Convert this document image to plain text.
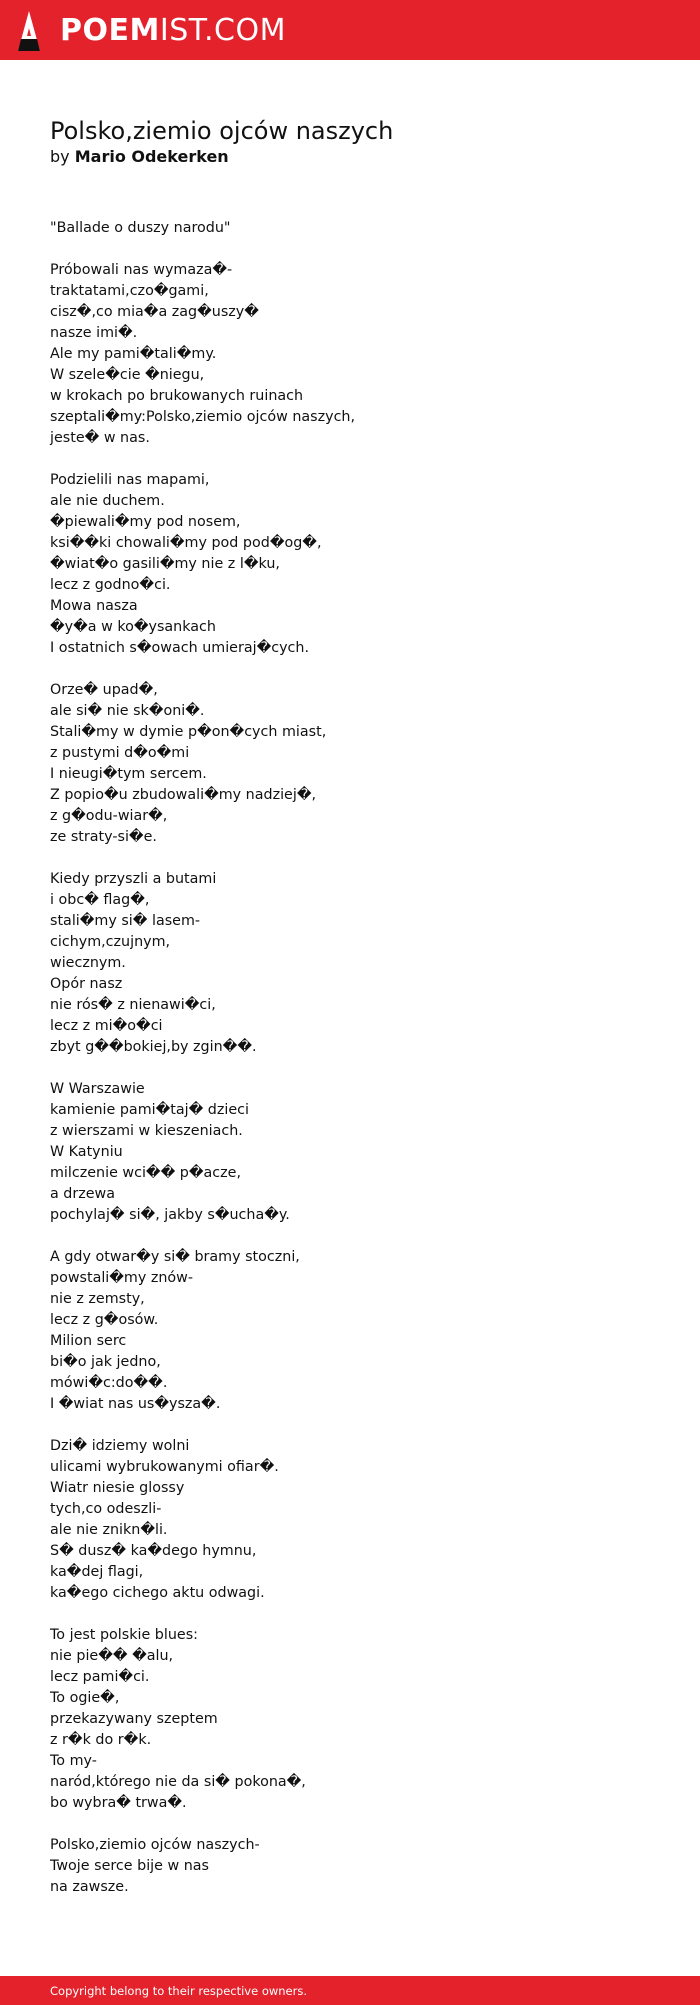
POEMIST.COM
Polsko,ziemio ojców naszych
by Mario Odekerken
"Ballade o duszy narodu"
Próbowali nas wymaza�-
traktatami,czo�gami,
cisz�,co mia�a zag�uszy�
nasze imi�.
Ale my pami�tali�my.
W szele�cie �niegu,
w krokach po brukowanych ruinach
szeptali�my:Polsko,ziemio ojców naszych,
jeste� w nas.
Podzielili nas mapami,
ale nie duchem.
�piewali�my pod nosem,
ksi��ki chowali�my pod pod�og�,
�wiat�o gasili�my nie z l�ku,
lecz z godno�ci.
Mowa nasza
�y�a w ko�ysankach
I ostatnich s�owach umieraj�cych.
Orze� upad�,
ale si� nie sk�oni�.
Stali�my w dymie p�on�cych miast,
z pustymi d�o�mi
I nieugi�tym sercem.
Z popio�u zbudowali�my nadziej�,
z g�odu-wiar�,
ze straty-si�e.
Kiedy przyszli a butami
i obc� flag�,
stali�my si� lasem-
cichym,czujnym,
wiecznym.
Opór nasz
nie rós� z nienawi�ci,
lecz z mi�o�ci
zbyt g��bokiej,by zgin��.
W Warszawie
kamienie pami�taj� dzieci
z wierszami w kieszeniach.
W Katyniu
milczenie wci�� p�acze,
a drzewa
pochylaj� si�, jakby s�ucha�y.
A gdy otwar�y si� bramy stoczni,
powstali�my znów-
nie z zemsty,
lecz z g�osów.
Milion serc
bi�o jak jedno,
mówi�c:do��.
I �wiat nas us�ysza�.
Dzi� idziemy wolni
ulicami wybrukowanymi ofiar�.
Wiatr niesie glossy
tych,co odeszli-
ale nie znikn�li.
S� dusz� ka�dego hymnu,
ka�dej flagi,
ka�ego cichego aktu odwagi.
To jest polskie blues:
nie pie�� �alu,
lecz pami�ci.
To ogie�,
przekazywany szeptem
z r�k do r�k.
To my-
naród,którego nie da si� pokona�,
bo wybra� trwa�.
Polsko,ziemio ojców naszych-
Twoje serce bije w nas
na zawsze.
Copyright belong to their respective owners.
